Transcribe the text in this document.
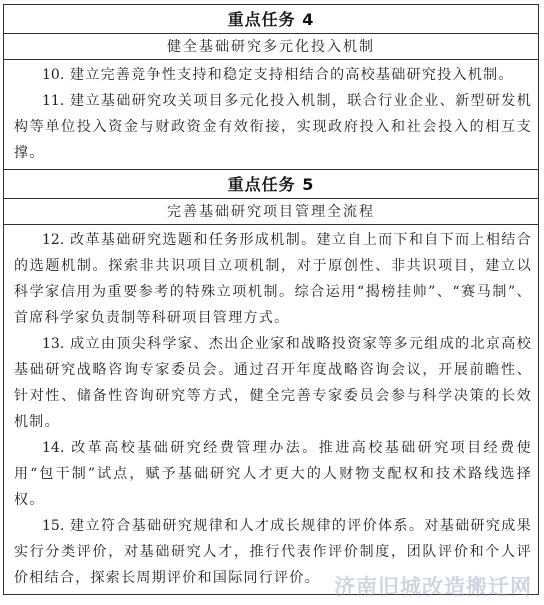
重点任务 4
健全基础研究多元化投入机制

10. 建立完善竞争性支持和稳定支持相结合的高校基础研究投入机制。

11. 建立基础研究攻关项目多元化投入机制，联合行业企业、新型研发机构等单位投入资金与财政资金有效衔接，实现政府投入和社会投入的相互支撑。

重点任务 5
完善基础研究项目管理全流程

12. 改革基础研究选题和任务形成机制。建立自上而下和自下而上相结合的选题机制。探索非共识项目立项机制，对于原创性、非共识项目，建立以科学家信用为重要参考的特殊立项机制。综合运用“揭榜挂帅”、“赛马制”、首席科学家负责制等科研项目管理方式。

13. 成立由顶尖科学家、杰出企业家和战略投资家等多元组成的北京高校基础研究战略咨询专家委员会。通过召开年度战略咨询会议，开展前瞻性、针对性、储备性咨询研究等方式，健全完善专家委员会参与科学决策的长效机制。

14. 改革高校基础研究经费管理办法。推进高校基础研究项目经费使用“包干制”试点，赋予基础研究人才更大的人财物支配权和技术路线选择权。

15. 建立符合基础研究规律和人才成长规律的评价体系。对基础研究成果实行分类评价，对基础研究人才，推行代表作评价制度，团队评价和个人评价相结合，探索长周期评价和国际同行评价。 济南旧城改造搬迁网
